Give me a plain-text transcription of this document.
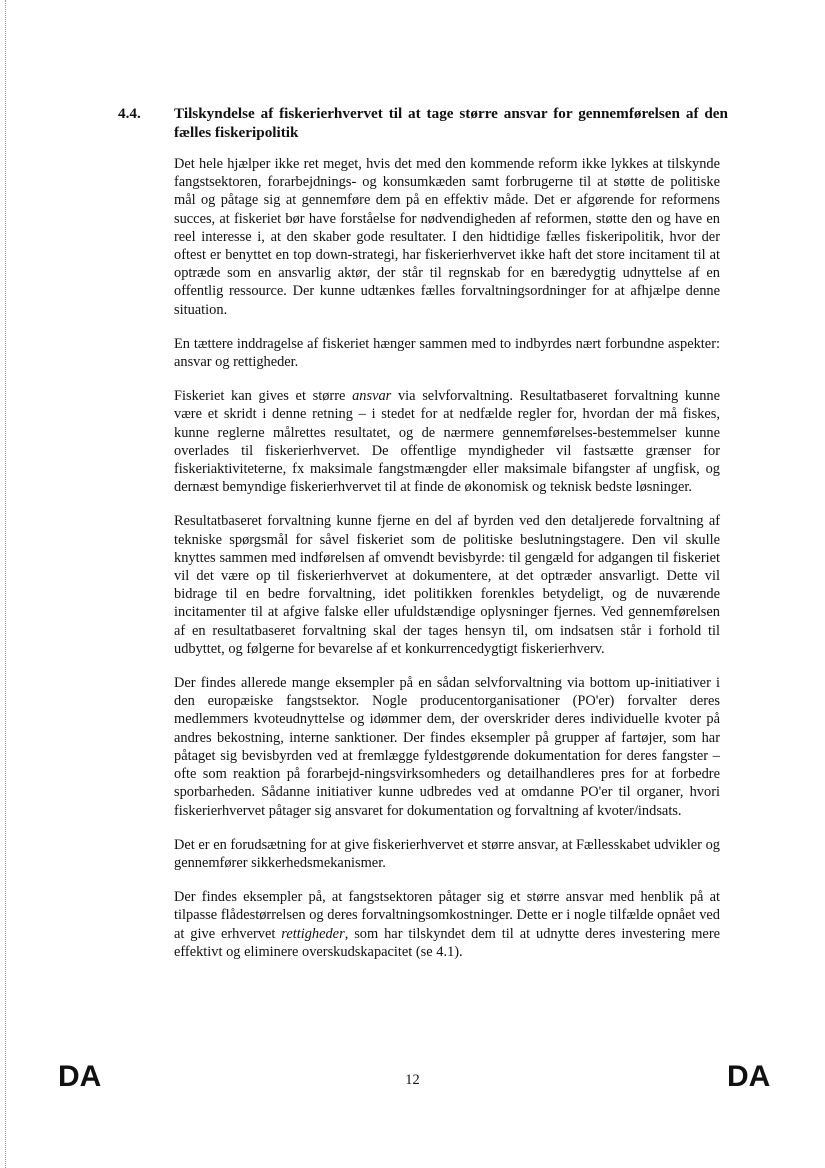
4.4. Tilskyndelse af fiskerierhvervet til at tage større ansvar for gennemførelsen af den fælles fiskeripolitik

Det hele hjælper ikke ret meget, hvis det med den kommende reform ikke lykkes at tilskynde fangstsektoren, forarbejdnings- og konsumkæden samt forbrugerne til at støtte de politiske mål og påtage sig at gennemføre dem på en effektiv måde. Det er afgørende for reformens succes, at fiskeriet bør have forståelse for nødvendigheden af reformen, støtte den og have en reel interesse i, at den skaber gode resultater. I den hidtidige fælles fiskeripolitik, hvor der oftest er benyttet en top down-strategi, har fiskerierhvervet ikke haft det store incitament til at optræde som en ansvarlig aktør, der står til regnskab for en bæredygtig udnyttelse af en offentlig ressource. Der kunne udtænkes fælles forvaltningsordninger for at afhjælpe denne situation.

En tættere inddragelse af fiskeriet hænger sammen med to indbyrdes nært forbundne aspekter: ansvar og rettigheder.

Fiskeriet kan gives et større ansvar via selvforvaltning. Resultatbaseret forvaltning kunne være et skridt i denne retning – i stedet for at nedfælde regler for, hvordan der må fiskes, kunne reglerne målrettes resultatet, og de nærmere gennemførelses-bestemmelser kunne overlades til fiskerierhvervet. De offentlige myndigheder vil fastsætte grænser for fiskeriaktiviteterne, fx maksimale fangstmængder eller maksimale bifangster af ungfisk, og dernæst bemyndige fiskerierhvervet til at finde de økonomisk og teknisk bedste løsninger.

Resultatbaseret forvaltning kunne fjerne en del af byrden ved den detaljerede forvaltning af tekniske spørgsmål for såvel fiskeriet som de politiske beslutningstagere. Den vil skulle knyttes sammen med indførelsen af omvendt bevisbyrde: til gengæld for adgangen til fiskeriet vil det være op til fiskerierhvervet at dokumentere, at det optræder ansvarligt. Dette vil bidrage til en bedre forvaltning, idet politikken forenkles betydeligt, og de nuværende incitamenter til at afgive falske eller ufuldstændige oplysninger fjernes. Ved gennemførelsen af en resultatbaseret forvaltning skal der tages hensyn til, om indsatsen står i forhold til udbyttet, og følgerne for bevarelse af et konkurrencedygtigt fiskerierhverv.

Der findes allerede mange eksempler på en sådan selvforvaltning via bottom up-initiativer i den europæiske fangstsektor. Nogle producentorganisationer (PO'er) forvalter deres medlemmers kvoteudnyttelse og idømmer dem, der overskrider deres individuelle kvoter på andres bekostning, interne sanktioner. Der findes eksempler på grupper af fartøjer, som har påtaget sig bevisbyrden ved at fremlægge fyldestgørende dokumentation for deres fangster – ofte som reaktion på forarbejd-ningsvirksomheders og detailhandleres pres for at forbedre sporbarheden. Sådanne initiativer kunne udbredes ved at omdanne PO'er til organer, hvori fiskerierhvervet påtager sig ansvaret for dokumentation og forvaltning af kvoter/indsats.

Det er en forudsætning for at give fiskerierhvervet et større ansvar, at Fællesskabet udvikler og gennemfører sikkerhedsmekanismer.

Der findes eksempler på, at fangstsektoren påtager sig et større ansvar med henblik på at tilpasse flådestørrelsen og deres forvaltningsomkostninger. Dette er i nogle tilfælde opnået ved at give erhvervet rettigheder, som har tilskyndet dem til at udnytte deres investering mere effektivt og eliminere overskudskapacitet (se 4.1).

DA	12	DA
